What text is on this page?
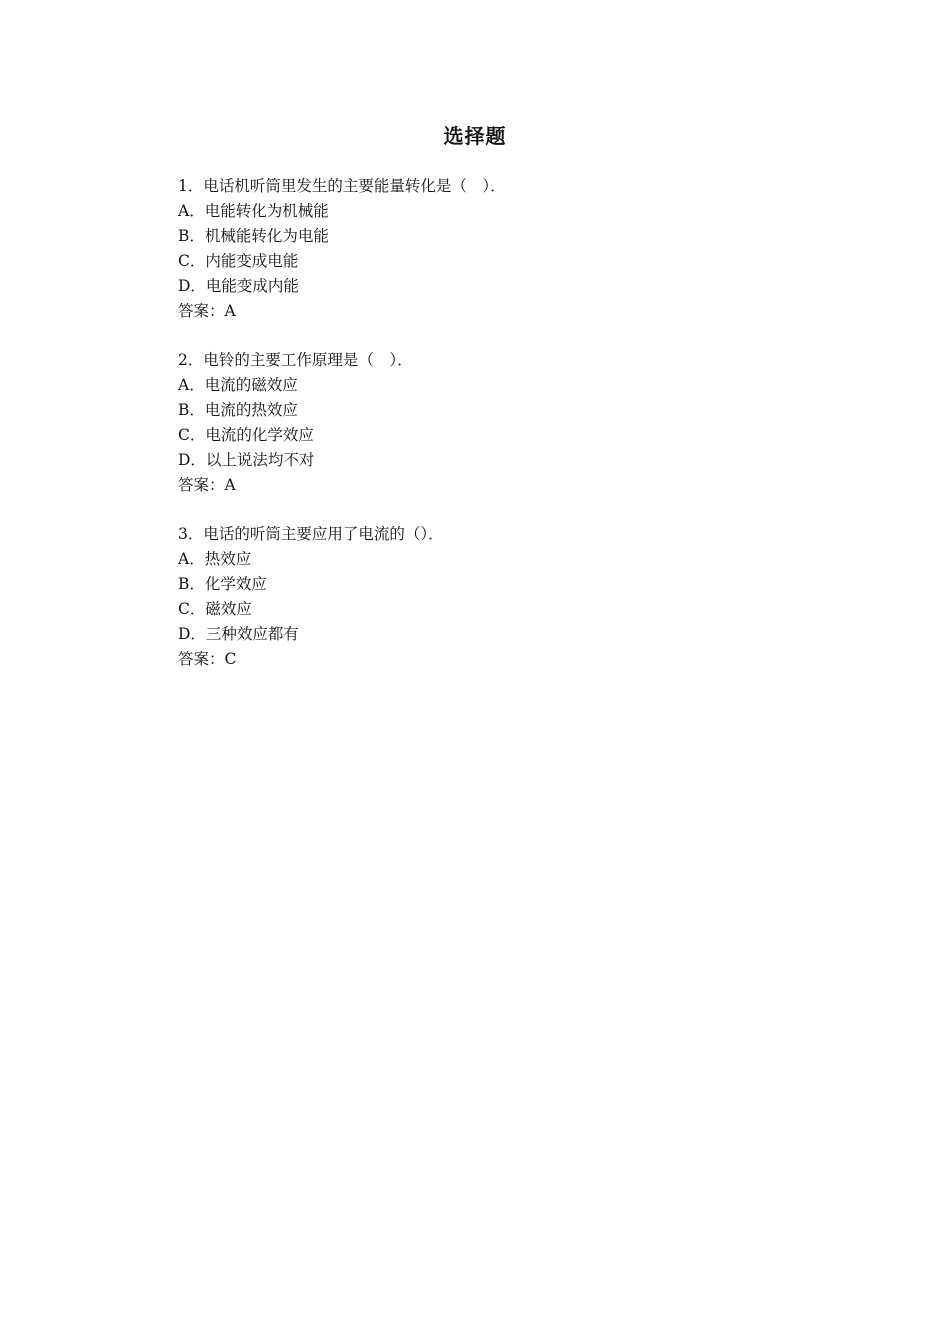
选择题
1．电话机听筒里发生的主要能量转化是（　）．
A．电能转化为机械能
B．机械能转化为电能
C．内能变成电能
D．电能变成内能
答案：A
2．电铃的主要工作原理是（　）．
A．电流的磁效应
B．电流的热效应
C．电流的化学效应
D．以上说法均不对
答案：A
3．电话的听筒主要应用了电流的（）．
A．热效应
B．化学效应
C．磁效应
D．三种效应都有
答案：C
